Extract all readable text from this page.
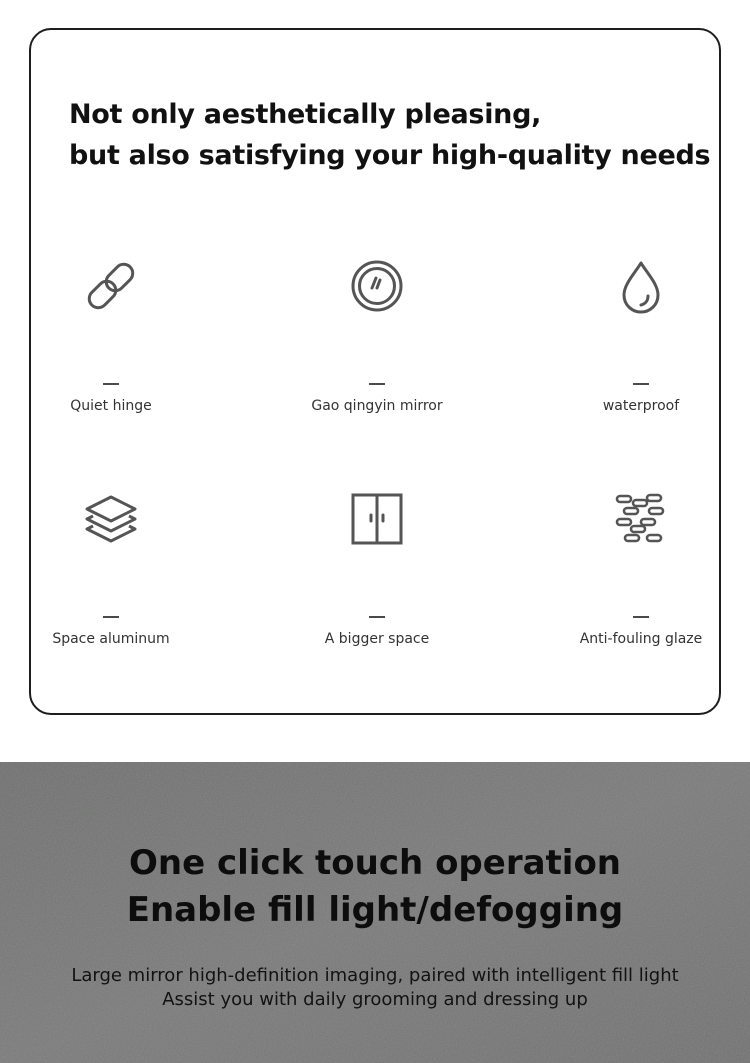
Not only aesthetically pleasing,
but also satisfying your high-quality needs
Quiet hinge	Gao qingyin mirror	waterproof
Space aluminum	A bigger space	Anti-fouling glaze
One click touch operation
Enable fill light/defogging

Large mirror high-definition imaging, paired with intelligent fill light
Assist you with daily grooming and dressing up
